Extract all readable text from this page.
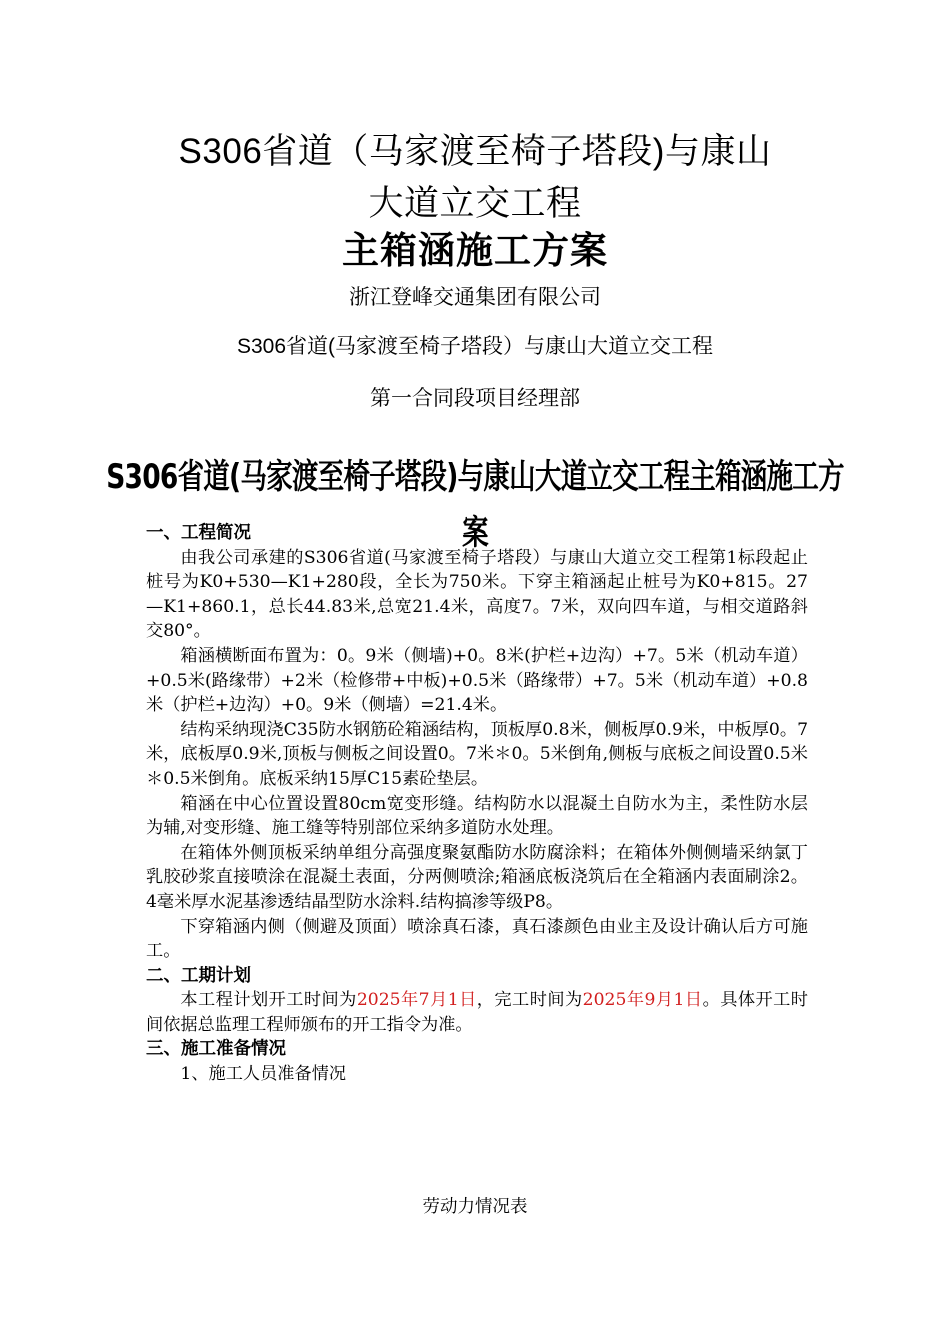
S306省道（马家渡至椅子塔段)与康山
大道立交工程
主箱涵施工方案
浙江登峰交通集团有限公司
S306省道(马家渡至椅子塔段）与康山大道立交工程
第一合同段项目经理部
S306省道(马家渡至椅子塔段)与康山大道立交工程主箱涵施工方案
一、工程简况

由我公司承建的S306省道(马家渡至椅子塔段）与康山大道立交工程第1标段起止桩号为K0+530—K1+280段，全长为750米。下穿主箱涵起止桩号为K0+815。27—K1+860.1，总长44.83米,总宽21.4米，高度7。7米，双向四车道，与相交道路斜交80°。

箱涵横断面布置为：0。9米（侧墙)+0。8米(护栏+边沟）+7。5米（机动车道）+0.5米(路缘带）+2米（检修带+中板)+0.5米（路缘带）+7。5米（机动车道）+0.8米（护栏+边沟）+0。9米（侧墙）=21.4米。

结构采纳现浇C35防水钢筋砼箱涵结构，顶板厚0.8米，侧板厚0.9米，中板厚0。7米，底板厚0.9米,顶板与侧板之间设置0。7米＊0。5米倒角,侧板与底板之间设置0.5米＊0.5米倒角。底板采纳15厚C15素砼垫层。

箱涵在中心位置设置80cm宽变形缝。结构防水以混凝土自防水为主，柔性防水层为辅,对变形缝、施工缝等特别部位采纳多道防水处理。

在箱体外侧顶板采纳单组分高强度聚氨酯防水防腐涂料；在箱体外侧侧墙采纳氯丁乳胶砂浆直接喷涂在混凝土表面，分两侧喷涂;箱涵底板浇筑后在全箱涵内表面刷涂2。4毫米厚水泥基渗透结晶型防水涂料.结构搞渗等级P8。

下穿箱涵内侧（侧避及顶面）喷涂真石漆，真石漆颜色由业主及设计确认后方可施工。

二、工期计划

本工程计划开工时间为2025年7月1日，完工时间为2025年9月1日。具体开工时间依据总监理工程师颁布的开工指令为准。

三、施工准备情况
1、施工人员准备情况
劳动力情况表
